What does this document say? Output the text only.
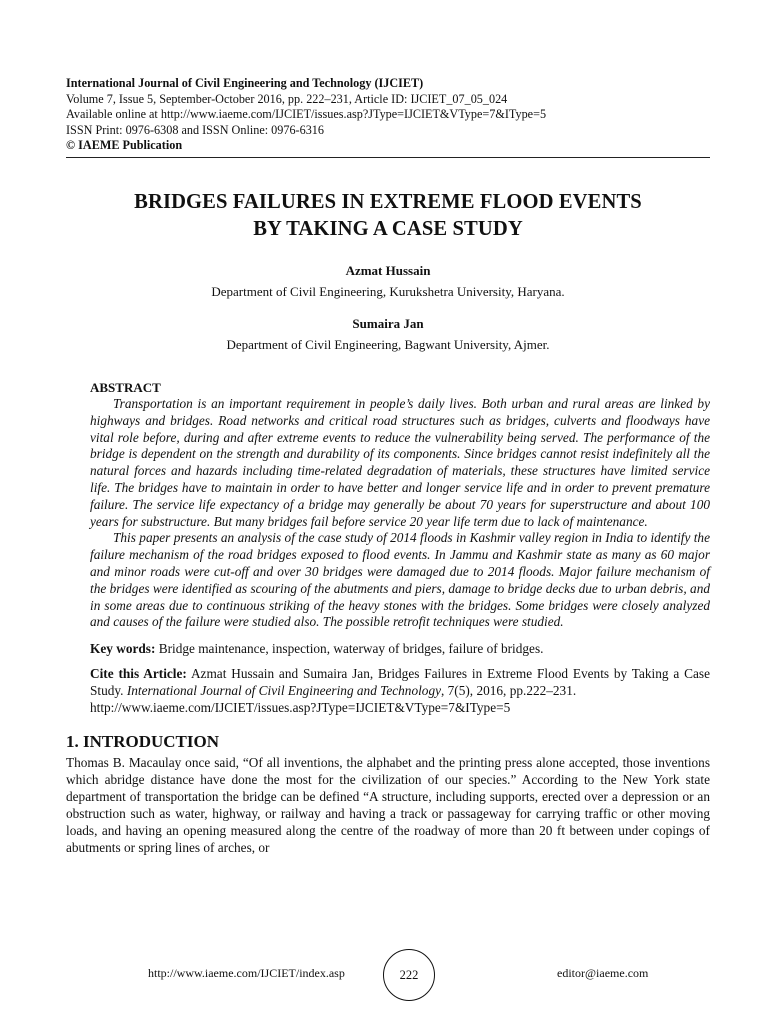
International Journal of Civil Engineering and Technology (IJCIET)
Volume 7, Issue 5, September-October 2016, pp. 222–231, Article ID: IJCIET_07_05_024
Available online at http://www.iaeme.com/IJCIET/issues.asp?JType=IJCIET&VType=7&IType=5
ISSN Print: 0976-6308 and ISSN Online: 0976-6316
© IAEME Publication
BRIDGES FAILURES IN EXTREME FLOOD EVENTS
BY TAKING A CASE STUDY
Azmat Hussain
Department of Civil Engineering, Kurukshetra University, Haryana.
Sumaira Jan
Department of Civil Engineering, Bagwant University, Ajmer.
ABSTRACT

Transportation is an important requirement in people’s daily lives. Both urban and rural areas are linked by highways and bridges. Road networks and critical road structures such as bridges, culverts and floodways have vital role before, during and after extreme events to reduce the vulnerability being served. The performance of the bridge is dependent on the strength and durability of its components. Since bridges cannot resist indefinitely all the natural forces and hazards including time-related degradation of materials, these structures have limited service life. The bridges have to maintain in order to have better and longer service life and in order to prevent premature failure. The service life expectancy of a bridge may generally be about 70 years for superstructure and about 100 years for substructure. But many bridges fail before service 20 year life term due to lack of maintenance.

This paper presents an analysis of the case study of 2014 floods in Kashmir valley region in India to identify the failure mechanism of the road bridges exposed to flood events. In Jammu and Kashmir state as many as 60 major and minor roads were cut-off and over 30 bridges were damaged due to 2014 floods. Major failure mechanism of the bridges were identified as scouring of the abutments and piers, damage to bridge decks due to urban debris, and in some areas due to continuous striking of the heavy stones with the bridges. Some bridges were closely analyzed and causes of the failure were studied also. The possible retrofit techniques were studied.

Key words: Bridge maintenance, inspection, waterway of bridges, failure of bridges.
Cite this Article: Azmat Hussain and Sumaira Jan, Bridges Failures in Extreme Flood Events by Taking a Case Study. International Journal of Civil Engineering and Technology, 7(5), 2016, pp.222–231.
http://www.iaeme.com/IJCIET/issues.asp?JType=IJCIET&VType=7&IType=5
1. INTRODUCTION
Thomas B. Macaulay once said, “Of all inventions, the alphabet and the printing press alone accepted, those inventions which abridge distance have done the most for the civilization of our species.” According to the New York state department of transportation the bridge can be defined “A structure, including supports, erected over a depression or an obstruction such as water, highway, or railway and having a track or passageway for carrying traffic or other moving loads, and having an opening measured along the centre of the roadway of more than 20 ft between under copings of abutments or spring lines of arches, or
http://www.iaeme.com/IJCIET/index.asp	222	editor@iaeme.com
